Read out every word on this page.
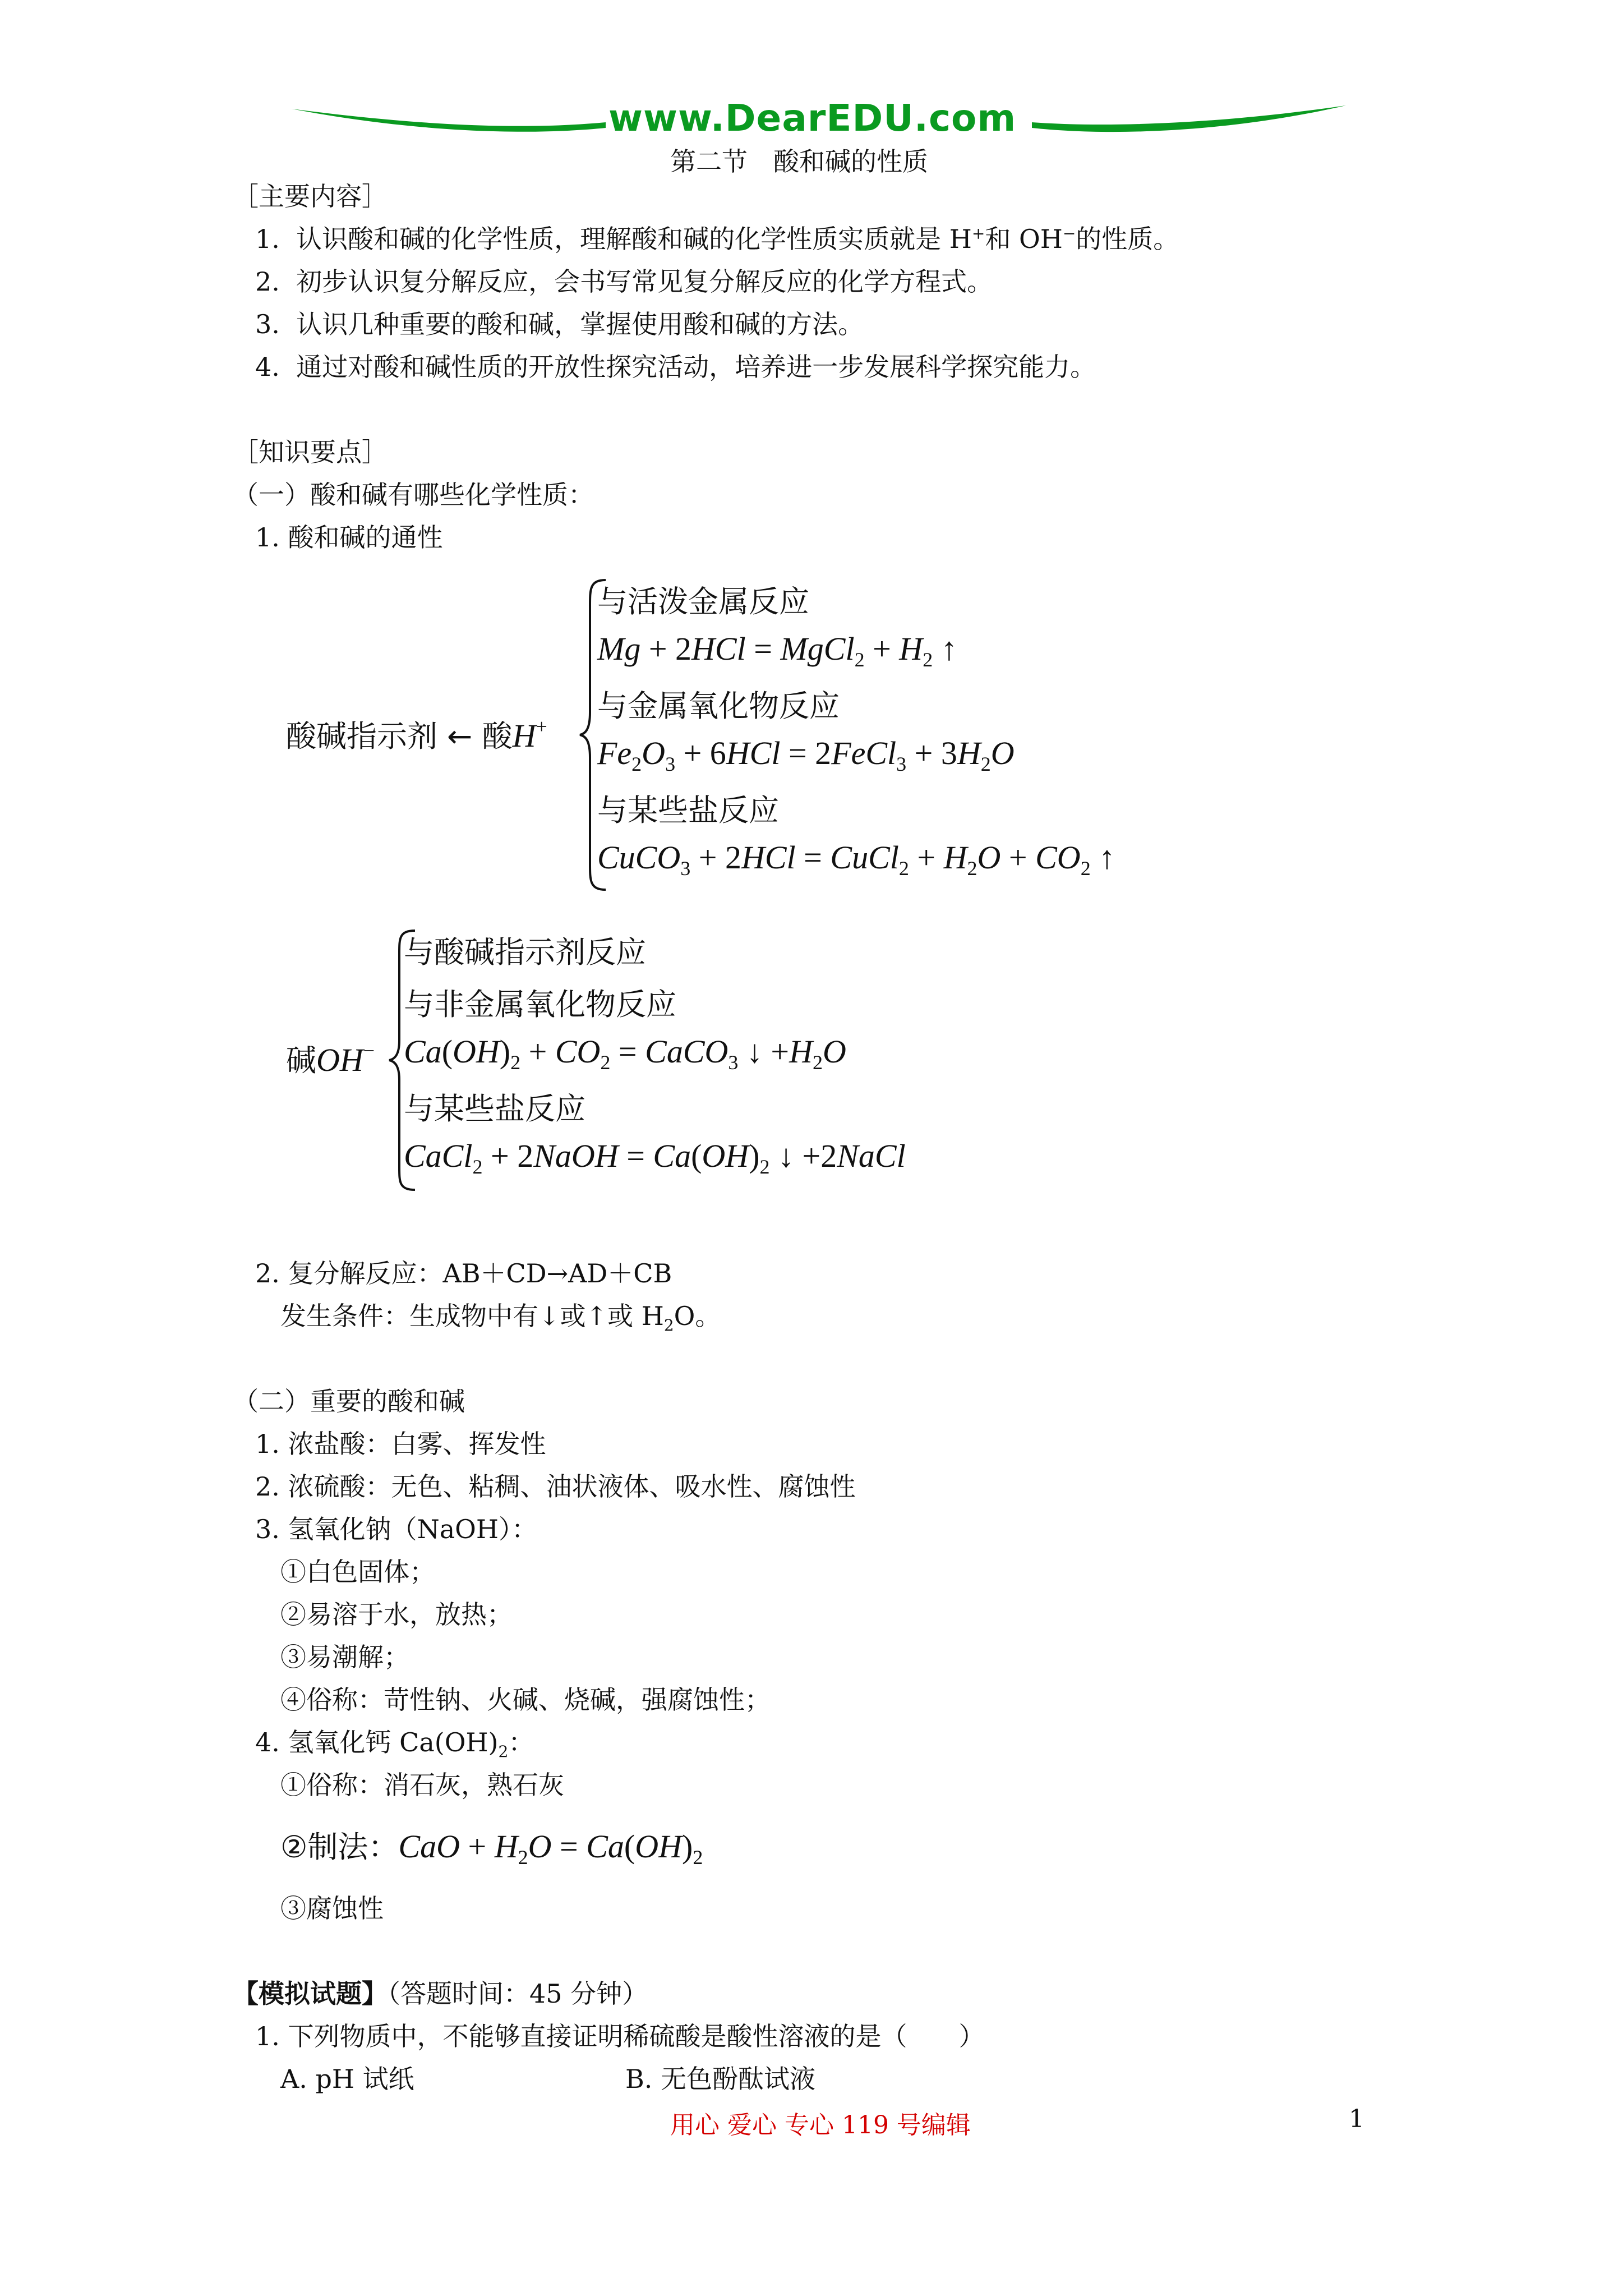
www.DearEDU.com
第二节　酸和碱的性质
［主要内容］
1. 认识酸和碱的化学性质，理解酸和碱的化学性质实质就是 H+和 OH−的性质。
2. 初步认识复分解反应，会书写常见复分解反应的化学方程式。
3. 认识几种重要的酸和碱，掌握使用酸和碱的方法。
4. 通过对酸和碱性质的开放性探究活动，培养进一步发展科学探究能力。
［知识要点］
（一）酸和碱有哪些化学性质：
1. 酸和碱的通性
酸碱指示剂 ← 酸H+
与活泼金属反应
Mg + 2HCl = MgCl$_2$ + $H_2$ ↑
与金属氧化物反应
$Fe_2O_3 + 6HCl$ = 2FeCl$_3$ + $3H_2O$
与某些盐反应
CuCO$_3$ + 2HCl = CuCl$_2$ + $H_2O + CO_2$ ↑
碱OH−
与酸碱指示剂反应
与非金属氧化物反应
$Ca(OH)_2 + CO_2$ = CaCO$_3$ ↓ $+H_2O$
与某些盐反应
CaCl$_2$ + 2NaOH = $Ca(OH)_2$ ↓ +2NaCl
2. 复分解反应：AB＋CD→AD＋CB
发生条件：生成物中有↓或↑或 $H_2O$。
（二）重要的酸和碱
1. 浓盐酸：白雾、挥发性
2. 浓硫酸：无色、粘稠、油状液体、吸水性、腐蚀性
3. 氢氧化钠（NaOH）：
①白色固体；
②易溶于水，放热；
③易潮解；
④俗称：苛性钠、火碱、烧碱，强腐蚀性；
4. 氢氧化钙 $Ca(OH)_2$：
①俗称：消石灰，熟石灰
②制法：CaO + $H_2O = Ca(OH)_2$
③腐蚀性
【模拟试题】（答题时间：45 分钟）
1. 下列物质中，不能够直接证明稀硫酸是酸性溶液的是（　　）
A. pH 试纸	B. 无色酚酞试液
用心 爱心 专心 119 号编辑	1
